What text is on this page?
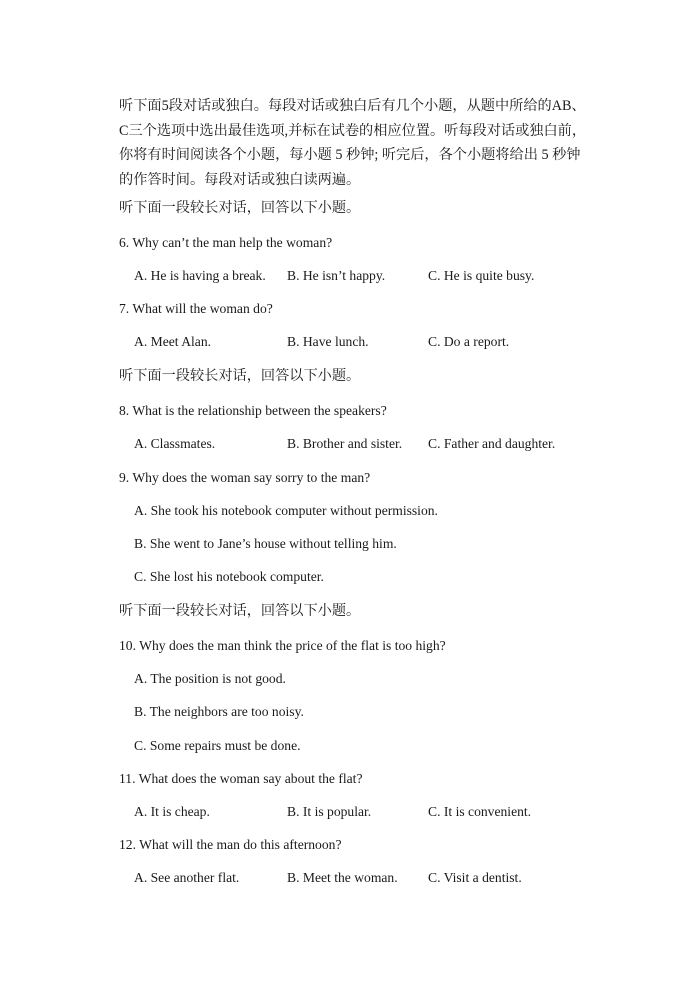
听下面5段对话或独白。每段对话或独白后有几个小题，从题中所给的AB、
C三个选项中选出最佳选项,并标在试卷的相应位置。听每段对话或独白前，
你将有时间阅读各个小题，每小题 5 秒钟; 听完后，各个小题将给出 5 秒钟
的作答时间。每段对话或独白读两遍。
听下面一段较长对话，回答以下小题。
6. Why can’t the man help the woman?
A. He is having a break. B. He isn’t happy.	C. He is quite busy.
7. What will the woman do?
A. Meet Alan.	B. Have lunch.	C. Do a report.
听下面一段较长对话，回答以下小题。
8. What is the relationship between the speakers?
A. Classmates.	B. Brother and sister. C. Father and daughter.
9. Why does the woman say sorry to the man?
A. She took his notebook computer without permission.
B. She went to Jane’s house without telling him.
C. She lost his notebook computer.
听下面一段较长对话，回答以下小题。
10. Why does the man think the price of the flat is too high?
A. The position is not good.
B. The neighbors are too noisy.
C. Some repairs must be done.
11. What does the woman say about the flat?
A. It is cheap.	B. It is popular.	C. It is convenient.
12. What will the man do this afternoon?
A. See another flat.	B. Meet the woman. C. Visit a dentist.
